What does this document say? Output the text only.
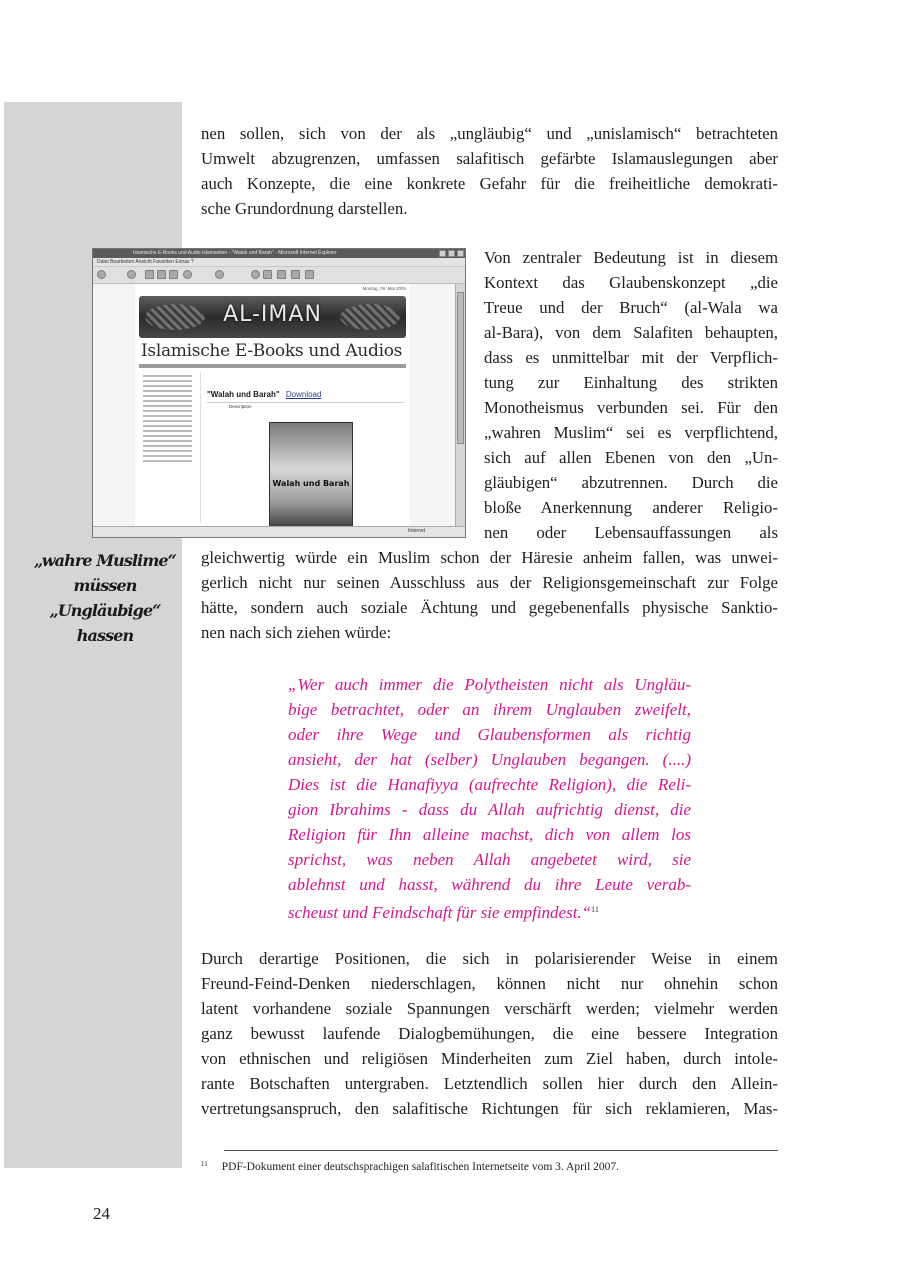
nen sollen, sich von der als „ungläubig“ und „unislamisch“ betrachteten
Umwelt abzugrenzen, umfassen salafitisch gefärbte Islamauslegungen aber
auch Konzepte, die eine konkrete Gefahr für die freiheitliche demokrati-
sche Grundordnung darstellen.
Islamische E-Books und Audio Islamseiten - "Walah und Barah" - Microsoft Internet Explorer
Datei Bearbeiten Ansicht Favoriten Extras ?
Montag, 09. Mai 2005
AL-IMAN
Islamische E-Books und Audios
"Walah und Barah" Download
Description
Walah und Barah
Internet
Von zentraler Bedeutung ist in diesem
Kontext das Glaubenskonzept „die
Treue und der Bruch“ (al-Wala wa
al-Bara), von dem Salafiten behaupten,
dass es unmittelbar mit der Verpflich-
tung zur Einhaltung des strikten
Monotheismus verbunden sei. Für den
„wahren Muslim“ sei es verpflichtend,
sich auf allen Ebenen von den „Un-
gläubigen“ abzutrennen. Durch die
bloße Anerkennung anderer Religio-
nen oder Lebensauffassungen als
„wahre Muslime“
müssen
„Ungläubige“
hassen
gleichwertig würde ein Muslim schon der Häresie anheim fallen, was unwei-
gerlich nicht nur seinen Ausschluss aus der Religionsgemeinschaft zur Folge
hätte, sondern auch soziale Ächtung und gegebenenfalls physische Sanktio-
nen nach sich ziehen würde:
„Wer auch immer die Polytheisten nicht als Ungläu-
bige betrachtet, oder an ihrem Unglauben zweifelt,
oder ihre Wege und Glaubensformen als richtig
ansieht, der hat (selber) Unglauben begangen. (....)
Dies ist die Hanafiyya (aufrechte Religion), die Reli-
gion Ibrahims - dass du Allah aufrichtig dienst, die
Religion für Ihn alleine machst, dich von allem los
sprichst, was neben Allah angebetet wird, sie
ablehnst und hasst, während du ihre Leute verab-
scheust und Feindschaft für sie empfindest.“$^{11}$
Durch derartige Positionen, die sich in polarisierender Weise in einem
Freund-Feind-Denken niederschlagen, können nicht nur ohnehin schon
latent vorhandene soziale Spannungen verschärft werden; vielmehr werden
ganz bewusst laufende Dialogbemühungen, die eine bessere Integration
von ethnischen und religiösen Minderheiten zum Ziel haben, durch intole-
rante Botschaften untergraben. Letztendlich sollen hier durch den Allein-
vertretungsanspruch, den salafitische Richtungen für sich reklamieren, Mas-
$^{11}$ PDF-Dokument einer deutschsprachigen salafitischen Internetseite vom 3. April 2007.
24
